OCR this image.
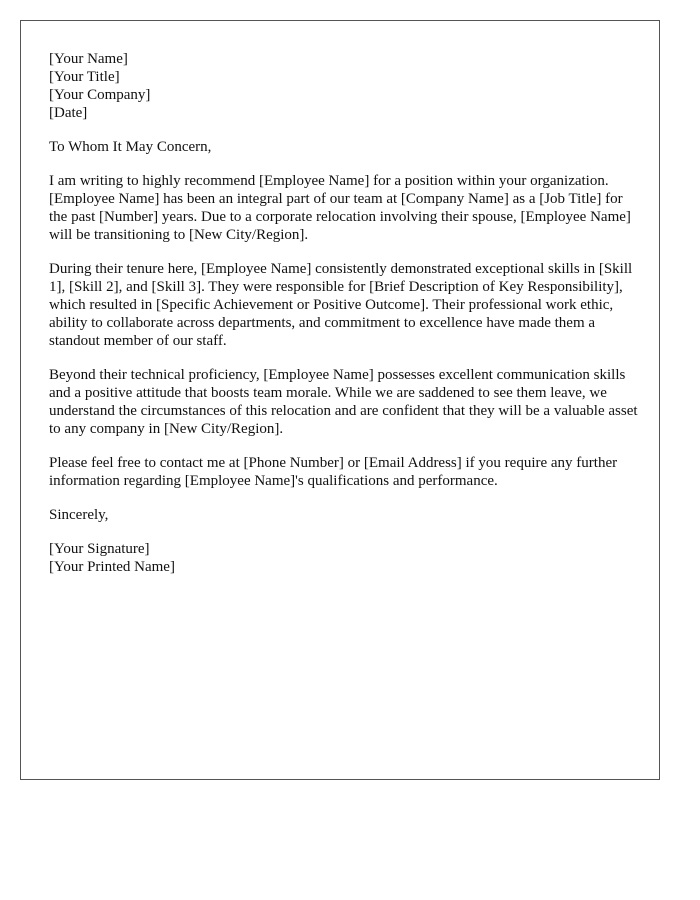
[Your Name]
[Your Title]
[Your Company]
[Date]

To Whom It May Concern,

I am writing to highly recommend [Employee Name] for a position within your organization. [Employee Name] has been an integral part of our team at [Company Name] as a [Job Title] for the past [Number] years. Due to a corporate relocation involving their spouse, [Employee Name] will be transitioning to [New City/Region].

During their tenure here, [Employee Name] consistently demonstrated exceptional skills in [Skill 1], [Skill 2], and [Skill 3]. They were responsible for [Brief Description of Key Responsibility], which resulted in [Specific Achievement or Positive Outcome]. Their professional work ethic, ability to collaborate across departments, and commitment to excellence have made them a standout member of our staff.

Beyond their technical proficiency, [Employee Name] possesses excellent communication skills and a positive attitude that boosts team morale. While we are saddened to see them leave, we understand the circumstances of this relocation and are confident that they will be a valuable asset to any company in [New City/Region].

Please feel free to contact me at [Phone Number] or [Email Address] if you require any further information regarding [Employee Name]'s qualifications and performance.

Sincerely,

[Your Signature]
[Your Printed Name]
